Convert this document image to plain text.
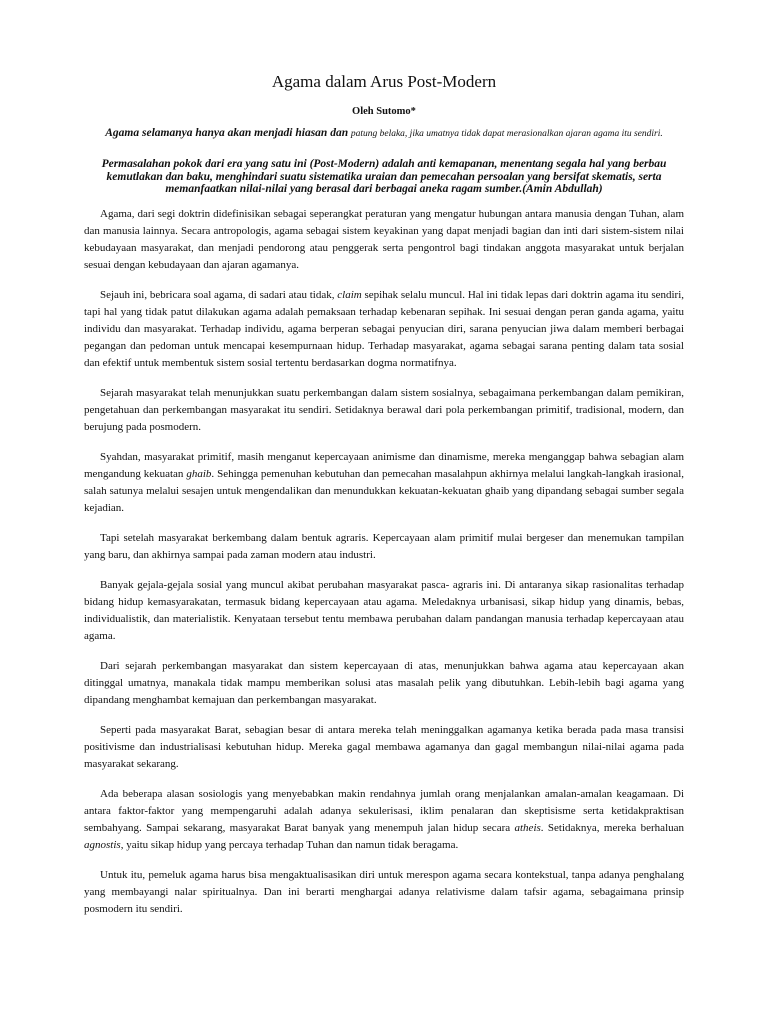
Agama dalam Arus Post-Modern
Oleh Sutomo*
Agama selamanya hanya akan menjadi hiasan dan patung belaka, jika umatnya tidak dapat merasionalkan ajaran agama itu sendiri.
Permasalahan pokok dari era yang satu ini (Post-Modern) adalah anti kemapanan, menentang segala hal yang berbau kemutlakan dan baku, menghindari suatu sistematika uraian dan pemecahan persoalan yang bersifat skematis, serta memanfaatkan nilai-nilai yang berasal dari berbagai aneka ragam sumber.(Amin Abdullah)

Agama, dari segi doktrin didefinisikan sebagai seperangkat peraturan yang mengatur hubungan antara manusia dengan Tuhan, alam dan manusia lainnya. Secara antropologis, agama sebagai sistem keyakinan yang dapat menjadi bagian dan inti dari sistem-sistem nilai kebudayaan masyarakat, dan menjadi pendorong atau penggerak serta pengontrol bagi tindakan anggota masyarakat untuk berjalan sesuai dengan kebudayaan dan ajaran agamanya.

Sejauh ini, bebricara soal agama, di sadari atau tidak, claim sepihak selalu muncul. Hal ini tidak lepas dari doktrin agama itu sendiri, tapi hal yang tidak patut dilakukan agama adalah pemaksaan terhadap kebenaran sepihak. Ini sesuai dengan peran ganda agama, yaitu individu dan masyarakat. Terhadap individu, agama berperan sebagai penyucian diri, sarana penyucian jiwa dalam memberi berbagai pegangan dan pedoman untuk mencapai kesempurnaan hidup. Terhadap masyarakat, agama sebagai sarana penting dalam tata sosial dan efektif untuk membentuk sistem sosial tertentu berdasarkan dogma normatifnya.

Sejarah masyarakat telah menunjukkan suatu perkembangan dalam sistem sosialnya, sebagaimana perkembangan dalam pemikiran, pengetahuan dan perkembangan masyarakat itu sendiri. Setidaknya berawal dari pola perkembangan primitif, tradisional, modern, dan berujung pada posmodern.

Syahdan, masyarakat primitif, masih menganut kepercayaan animisme dan dinamisme, mereka menganggap bahwa sebagian alam mengandung kekuatan ghaib. Sehingga pemenuhan kebutuhan dan pemecahan masalahpun akhirnya melalui langkah-langkah irasional, salah satunya melalui sesajen untuk mengendalikan dan menundukkan kekuatan-kekuatan ghaib yang dipandang sebagai sumber segala kejadian.

Tapi setelah masyarakat berkembang dalam bentuk agraris. Kepercayaan alam primitif mulai bergeser dan menemukan tampilan yang baru, dan akhirnya sampai pada zaman modern atau industri.

Banyak gejala-gejala sosial yang muncul akibat perubahan masyarakat pasca- agraris ini. Di antaranya sikap rasionalitas terhadap bidang hidup kemasyarakatan, termasuk bidang kepercayaan atau agama. Meledaknya urbanisasi, sikap hidup yang dinamis, bebas, individualistik, dan materialistik. Kenyataan tersebut tentu membawa perubahan dalam pandangan manusia terhadap kepercayaan atau agama.

Dari sejarah perkembangan masyarakat dan sistem kepercayaan di atas, menunjukkan bahwa agama atau kepercayaan akan ditinggal umatnya, manakala tidak mampu memberikan solusi atas masalah pelik yang dibutuhkan. Lebih-lebih bagi agama yang dipandang menghambat kemajuan dan perkembangan masyarakat.

Seperti pada masyarakat Barat, sebagian besar di antara mereka telah meninggalkan agamanya ketika berada pada masa transisi positivisme dan industrialisasi kebutuhan hidup. Mereka gagal membawa agamanya dan gagal membangun nilai-nilai agama pada masyarakat sekarang.

Ada beberapa alasan sosiologis yang menyebabkan makin rendahnya jumlah orang menjalankan amalan-amalan keagamaan. Di antara faktor-faktor yang mempengaruhi adalah adanya sekulerisasi, iklim penalaran dan skeptisisme serta ketidakpraktisan sembahyang. Sampai sekarang, masyarakat Barat banyak yang menempuh jalan hidup secara atheis. Setidaknya, mereka berhaluan agnostis, yaitu sikap hidup yang percaya terhadap Tuhan dan namun tidak beragama.

Untuk itu, pemeluk agama harus bisa mengaktualisasikan diri untuk merespon agama secara kontekstual, tanpa adanya penghalang yang membayangi nalar spiritualnya. Dan ini berarti menghargai adanya relativisme dalam tafsir agama, sebagaimana prinsip posmodern itu sendiri.
